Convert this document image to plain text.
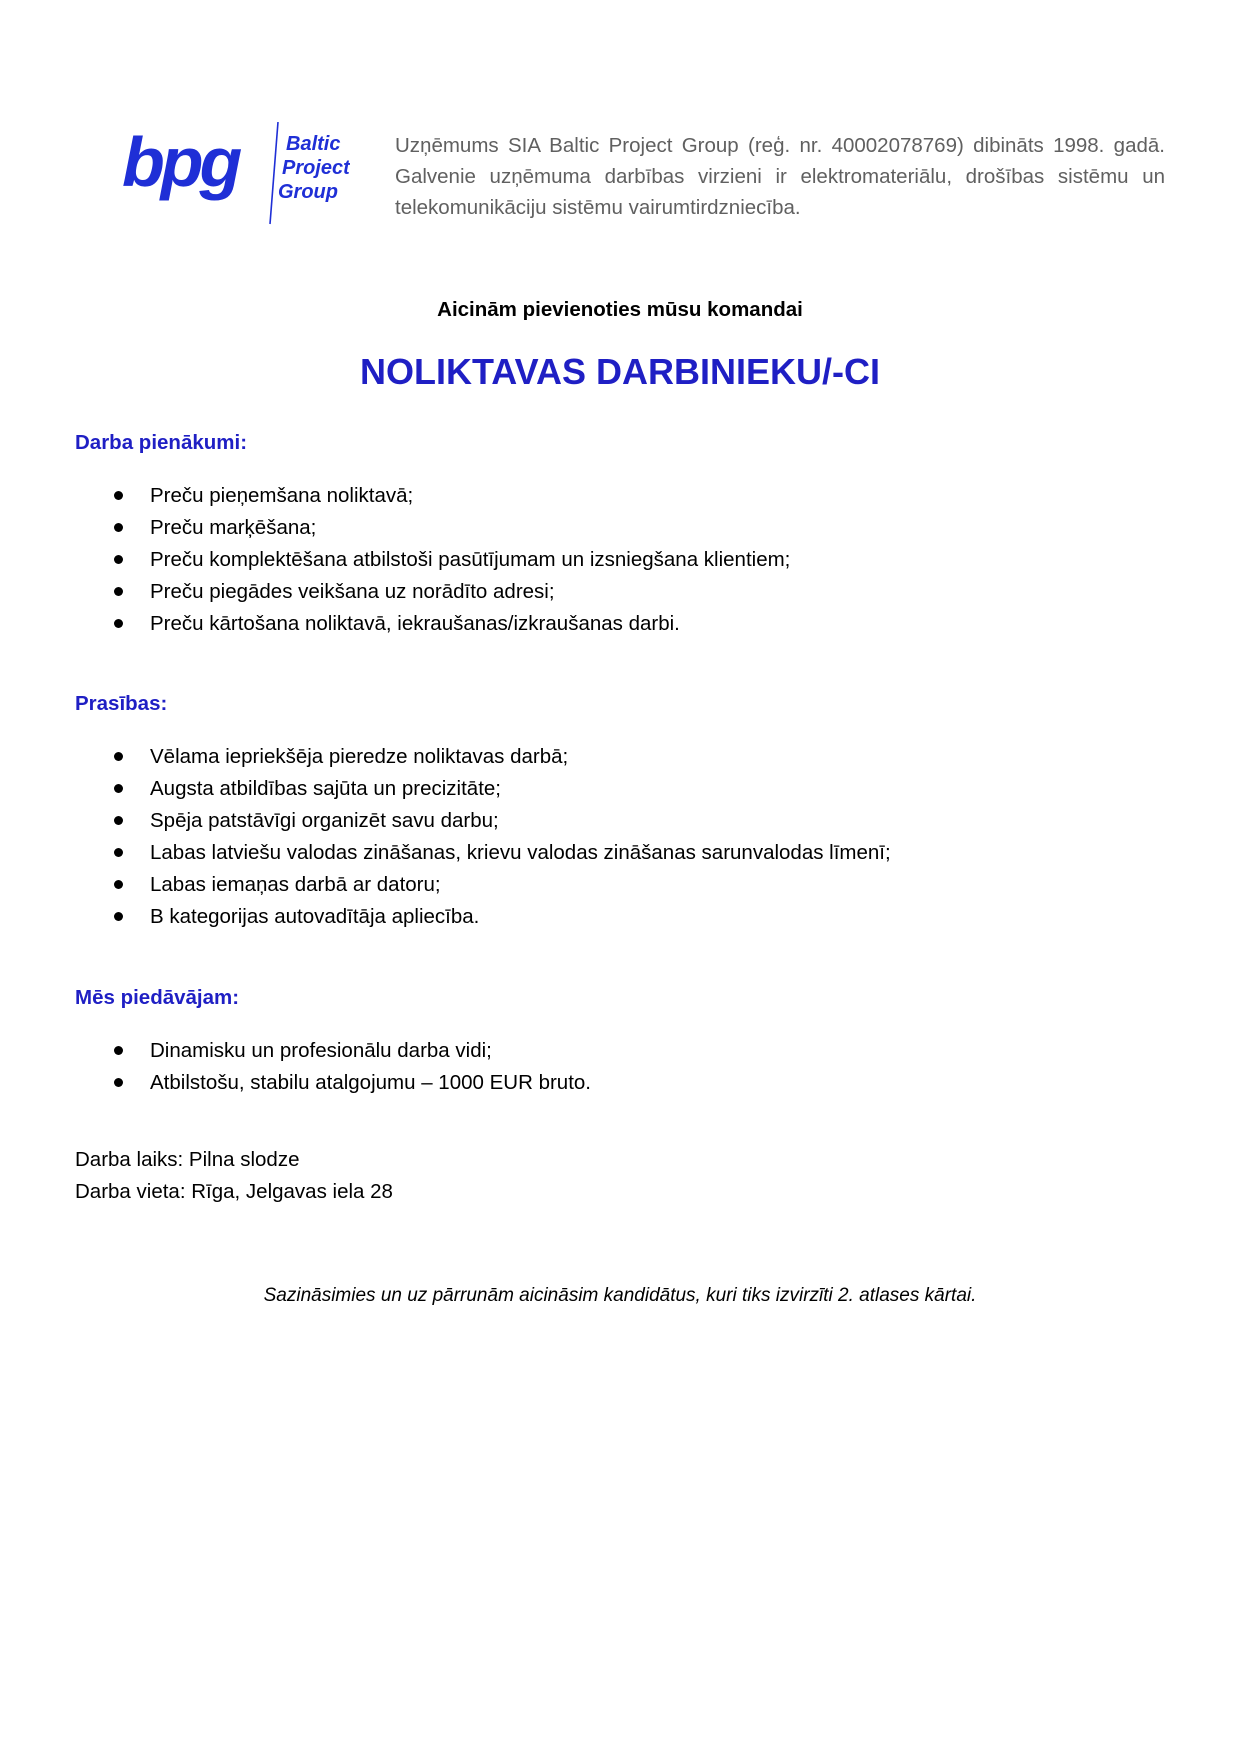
bpg Baltic
Project
Group
Uzņēmums SIA Baltic Project Group (reģ. nr. 40002078769) dibināts 1998. gadā. Galvenie uzņēmuma darbības virzieni ir elektromateriālu, drošības sistēmu un telekomunikāciju sistēmu vairumtirdzniecība.
Aicinām pievienoties mūsu komandai
NOLIKTAVAS DARBINIEKU/-CI
Darba pienākumi:
Preču pieņemšana noliktavā;
Preču marķēšana;
Preču komplektēšana atbilstoši pasūtījumam un izsniegšana klientiem;
Preču piegādes veikšana uz norādīto adresi;
Preču kārtošana noliktavā, iekraušanas/izkraušanas darbi.
Prasības:
Vēlama iepriekšēja pieredze noliktavas darbā;
Augsta atbildības sajūta un precizitāte;
Spēja patstāvīgi organizēt savu darbu;
Labas latviešu valodas zināšanas, krievu valodas zināšanas sarunvalodas līmenī;
Labas iemaņas darbā ar datoru;
B kategorijas autovadītāja apliecība.
Mēs piedāvājam:
Dinamisku un profesionālu darba vidi;
Atbilstošu, stabilu atalgojumu – 1000 EUR bruto.
Darba laiks: Pilna slodze
Darba vieta: Rīga, Jelgavas iela 28
Sazināsimies un uz pārrunām aicināsim kandidātus, kuri tiks izvirzīti 2. atlases kārtai.
